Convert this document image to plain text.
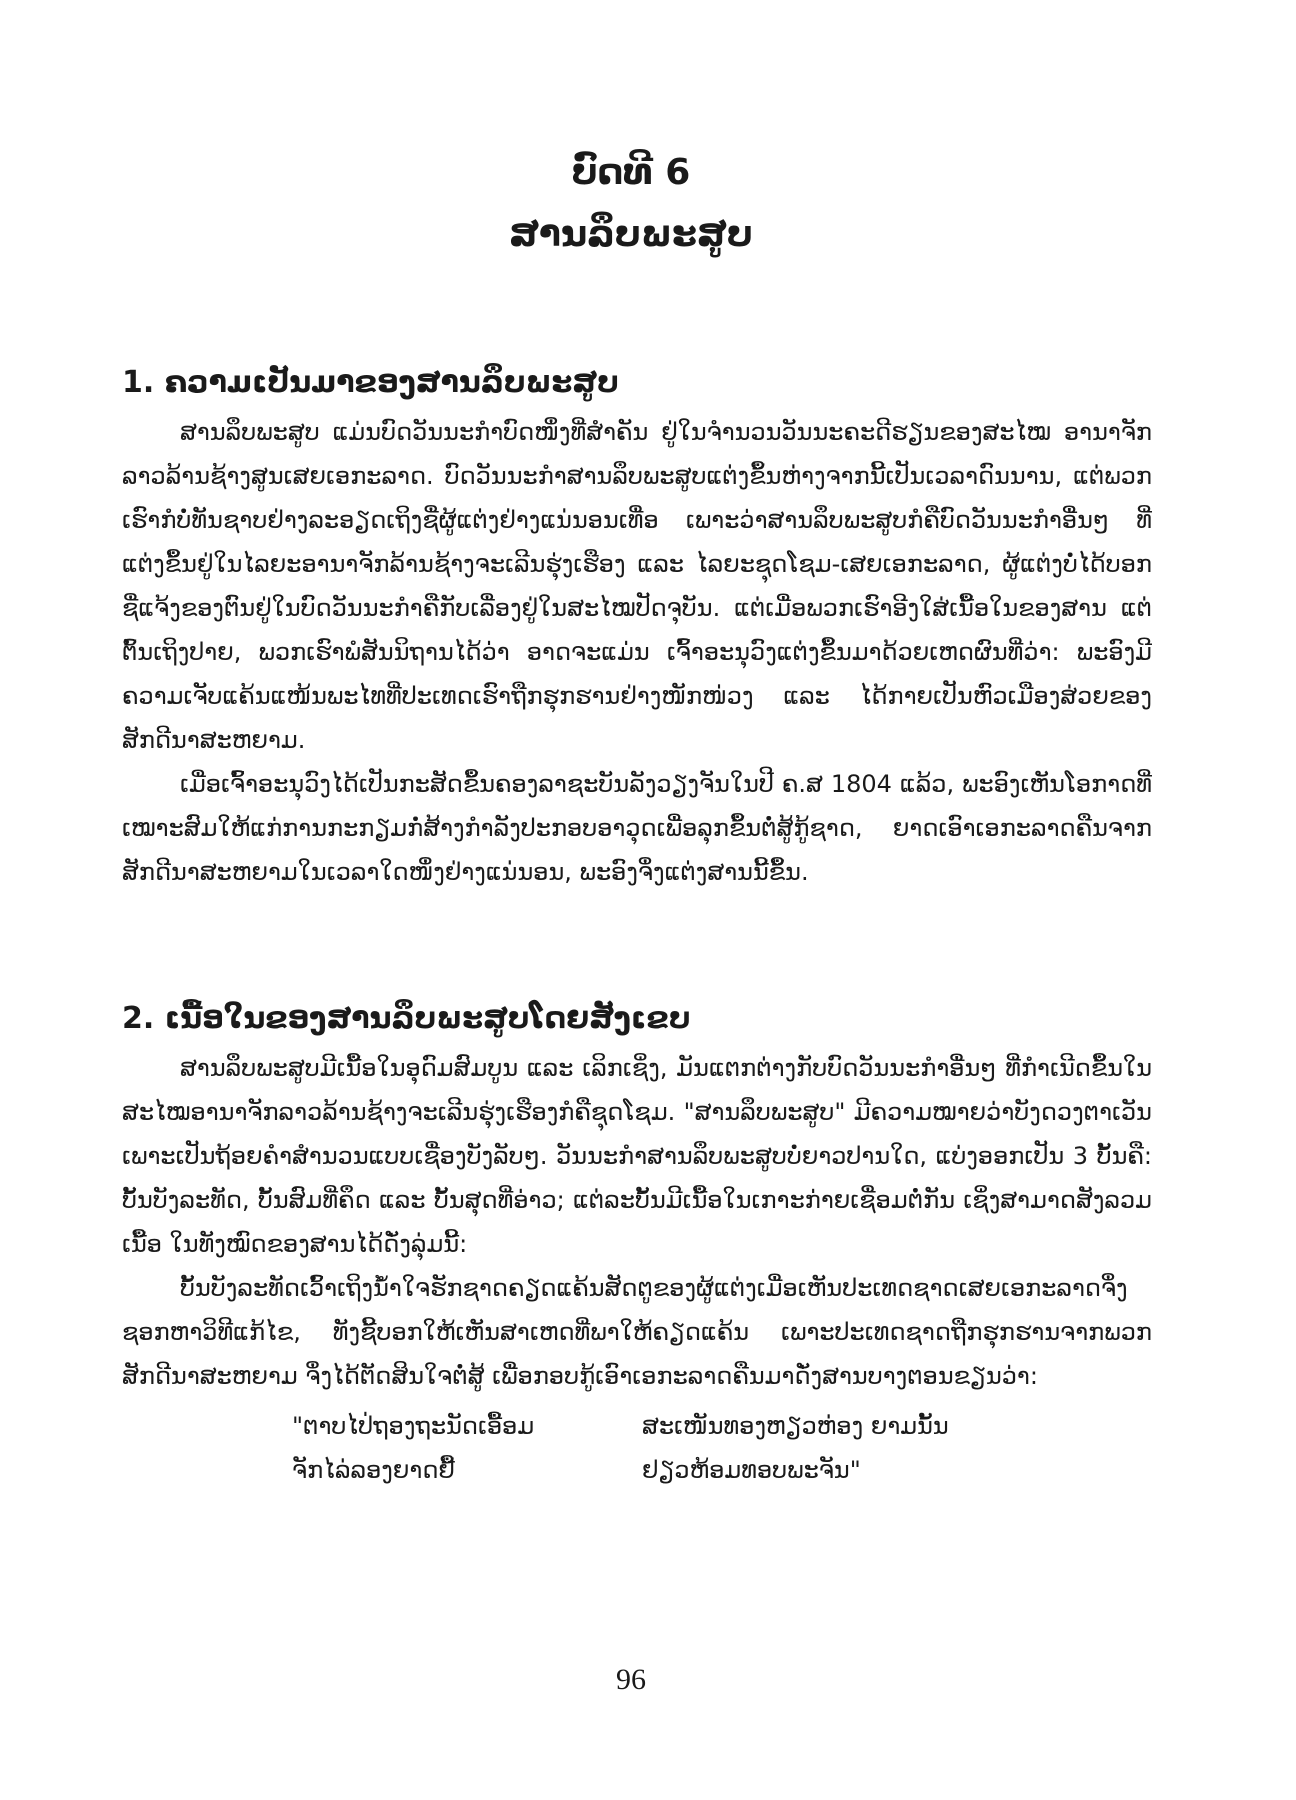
ບົດທີ 6
ສານລຶບພະສູບ
1. ຄວາມເປັນມາຂອງສານລຶບພະສູບ

ສານລຶບພະສູບ ແມ່ນບົດວັນນະກຳບົດໜຶ່ງທີ່ສຳຄັນ ຢູ່ໃນຈຳນວນວັນນະຄະດີຮຽນຂອງສະໄໝ ອານາຈັກລາວລ້ານຊ້າງສູນເສຍເອກະລາດ. ບົດວັນນະກຳສານລຶບພະສູບແຕ່ງຂຶ້ນຫ່າງຈາກນີ້ເປັນເວລາດົນນານ, ແຕ່ພວກເຮົາກໍບໍ່ທັນຊາບຢ່າງລະອຽດເຖິງຊື່ຜູ້ແຕ່ງຢ່າງແນ່ນອນເທື່ອ ເພາະວ່າສານລຶບພະສູບກໍຄືບົດວັນນະກຳອື່ນໆ ທີ່ແຕ່ງຂຶ້ນຢູ່ໃນໄລຍະອານາຈັກລ້ານຊ້າງຈະເລີນຮຸ່ງເຮືອງ ແລະ ໄລຍະຊຸດໂຊມ-ເສຍເອກະລາດ, ຜູ້ແຕ່ງບໍ່ໄດ້ບອກຊື່ແຈ້ງຂອງຕົນຢູ່ໃນບົດວັນນະກຳຄືກັບເລື່ອງຢູ່ໃນສະໄໝປັດຈຸບັນ. ແຕ່ເມື່ອພວກເຮົາອີງໃສ່ເນື້ອໃນຂອງສານ ແຕ່ຕົ້ນເຖິງປາຍ, ພວກເຮົາພໍສັນນິຖານໄດ້ວ່າ ອາດຈະແມ່ນ ເຈົ້າອະນຸວົງແຕ່ງຂຶ້ນມາດ້ວຍເຫດຜົນທີ່ວ່າ: ພະອົງມີຄວາມເຈັບແຄ້ນແໜ້ນພະໄທທີ່ປະເທດເຮົາຖືກຮຸກຮານຢ່າງໜັກໜ່ວງ ແລະ ໄດ້ກາຍເປັນຫົວເມືອງສ່ວຍຂອງສັກດີນາສະຫຍາມ.

ເມື່ອເຈົ້າອະນຸວົງໄດ້ເປັນກະສັດຂຶ້ນຄອງລາຊະບັນລັງວຽງຈັນໃນປີ ຄ.ສ 1804 ແລ້ວ, ພະອົງເຫັນໂອກາດທີ່ເໝາະສົມໃຫ້ແກ່ການກະກຽມກໍ່ສ້າງກຳລັງປະກອບອາວຸດເພື່ອລຸກຂຶ້ນຕໍ່ສູ້ກູ້ຊາດ, ຍາດເອົາເອກະລາດຄືນຈາກສັກດີນາສະຫຍາມໃນເວລາໃດໜຶ່ງຢ່າງແນ່ນອນ, ພະອົງຈຶ່ງແຕ່ງສານນີ້ຂຶ້ນ.

2. ເນື້ອໃນຂອງສານລຶບພະສູບໂດຍສັງເຂບ

ສານລຶບພະສູບມີເນື້ອໃນອຸດົມສົມບູນ ແລະ ເລິກເຊິ່ງ, ມັນແຕກຕ່າງກັບບົດວັນນະກຳອື່ນໆ ທີ່ກຳເນີດຂຶ້ນໃນສະໄໝອານາຈັກລາວລ້ານຊ້າງຈະເລີນຮຸ່ງເຮືອງກໍຄືຊຸດໂຊມ. "ສານລຶບພະສູບ" ມີຄວາມໝາຍວ່າບັງດວງຕາເວັນເພາະເປັນຖ້ອຍຄຳສຳນວນແບບເຊື່ອງບັງລັບໆ. ວັນນະກຳສານລຶບພະສູບບໍ່ຍາວປານໃດ, ແບ່ງອອກເປັນ 3 ບັ້ນຄື: ບັ້ນບັງລະທັດ, ບັ້ນສົມທີ່ຄຶດ ແລະ ບັ້ນສຸດທີ່ອ່າວ; ແຕ່ລະບັ້ນມີເນື້ອໃນເກາະກ່າຍເຊື່ອມຕໍ່ກັນ ເຊິ່ງສາມາດສັງລວມ ເນື້ອ ໃນທັງໝົດຂອງສານໄດ້ດັ່ງລຸ່ມນີ້:

ບັ້ນບັງລະທັດເວົ້າເຖິງນ້ຳໃຈຮັກຊາດຄຽດແຄ້ນສັດຕູຂອງຜູ້ແຕ່ງເມື່ອເຫັນປະເທດຊາດເສຍເອກະລາດຈຶ່ງຊອກຫາວິທີແກ້ໄຂ, ທັງຊີ້ບອກໃຫ້ເຫັນສາເຫດທີ່ພາໃຫ້ຄຽດແຄ້ນ ເພາະປະເທດຊາດຖືກຮຸກຮານຈາກພວກສັກດີນາສະຫຍາມ ຈຶ່ງໄດ້ຕັດສິນໃຈຕໍ່ສູ້ ເພື່ອກອບກູ້ເອົາເອກະລາດຄືນມາດັ່ງສານບາງຕອນຂຽນວ່າ:

"ຕາບໄປ່ຖອງຖະນັດເອື້ອມ	ສະເໜັນທອງຫຽວຫ່ອງ ຍາມນັ້ນ
ຈັກໄລ່ລອງຍາດຢື້	ຢຽວຫ້ອມທອບພະຈັນ"
96
